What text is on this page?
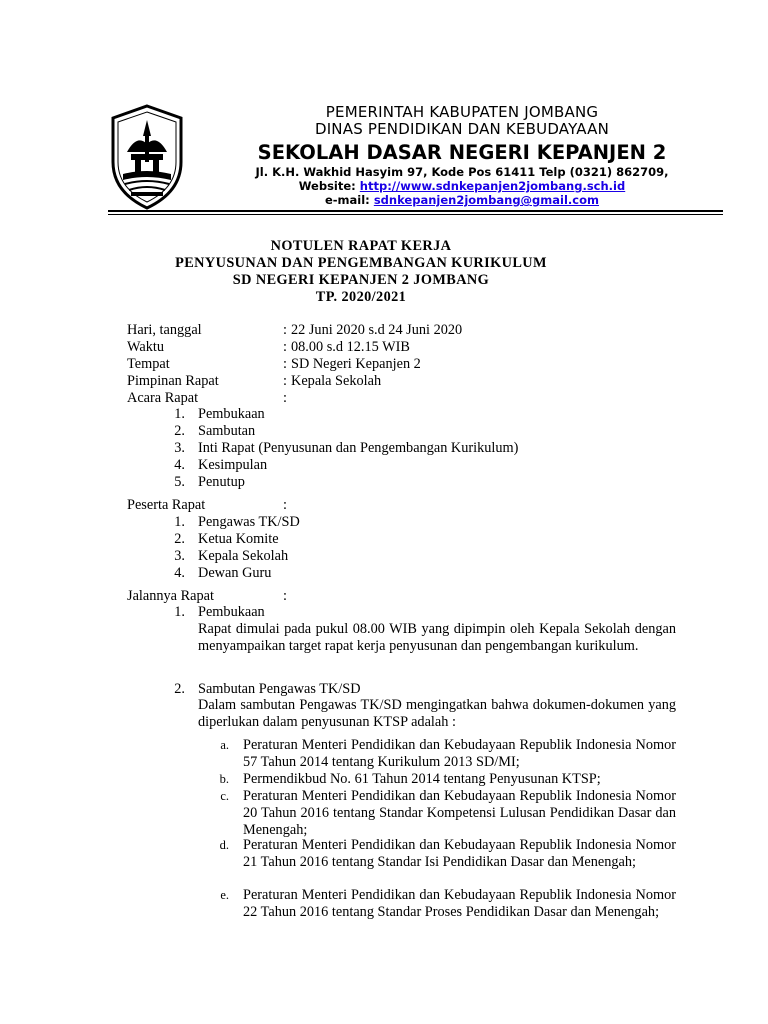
PEMERINTAH KABUPATEN JOMBANG
DINAS PENDIDIKAN DAN KEBUDAYAAN
SEKOLAH DASAR NEGERI KEPANJEN 2
Jl. K.H. Wakhid Hasyim 97, Kode Pos 61411 Telp (0321) 862709,
Website: http://www.sdnkepanjen2jombang.sch.id
e-mail: sdnkepanjen2jombang@gmail.com
NOTULEN RAPAT KERJA
PENYUSUNAN DAN PENGEMBANGAN KURIKULUM
SD NEGERI KEPANJEN 2 JOMBANG
TP. 2020/2021
Hari, tanggal	: 22 Juni 2020 s.d 24 Juni 2020
Waktu	: 08.00 s.d 12.15 WIB
Tempat	: SD Negeri Kepanjen 2
Pimpinan Rapat	: Kepala Sekolah
Acara Rapat	:
1. Pembukaan
2. Sambutan
3. Inti Rapat (Penyusunan dan Pengembangan Kurikulum)
4. Kesimpulan
5. Penutup
Peserta Rapat	:
1. Pengawas TK/SD
2. Ketua Komite
3. Kepala Sekolah
4. Dewan Guru
Jalannya Rapat	:
1. Pembukaan
Rapat dimulai pada pukul 08.00 WIB yang dipimpin oleh Kepala Sekolah dengan menyampaikan target rapat kerja penyusunan dan pengembangan kurikulum.
2. Sambutan Pengawas TK/SD
Dalam sambutan Pengawas TK/SD mengingatkan bahwa dokumen-dokumen yang diperlukan dalam penyusunan KTSP adalah :
a. Peraturan Menteri Pendidikan dan Kebudayaan Republik Indonesia Nomor 57 Tahun 2014 tentang Kurikulum 2013 SD/MI;
b. Permendikbud No. 61 Tahun 2014 tentang Penyusunan KTSP;
c. Peraturan Menteri Pendidikan dan Kebudayaan Republik Indonesia Nomor 20 Tahun 2016 tentang Standar Kompetensi Lulusan Pendidikan Dasar dan Menengah;
d. Peraturan Menteri Pendidikan dan Kebudayaan Republik Indonesia Nomor 21 Tahun 2016 tentang Standar Isi Pendidikan Dasar dan Menengah;
e. Peraturan Menteri Pendidikan dan Kebudayaan Republik Indonesia Nomor 22 Tahun 2016 tentang Standar Proses Pendidikan Dasar dan Menengah;
